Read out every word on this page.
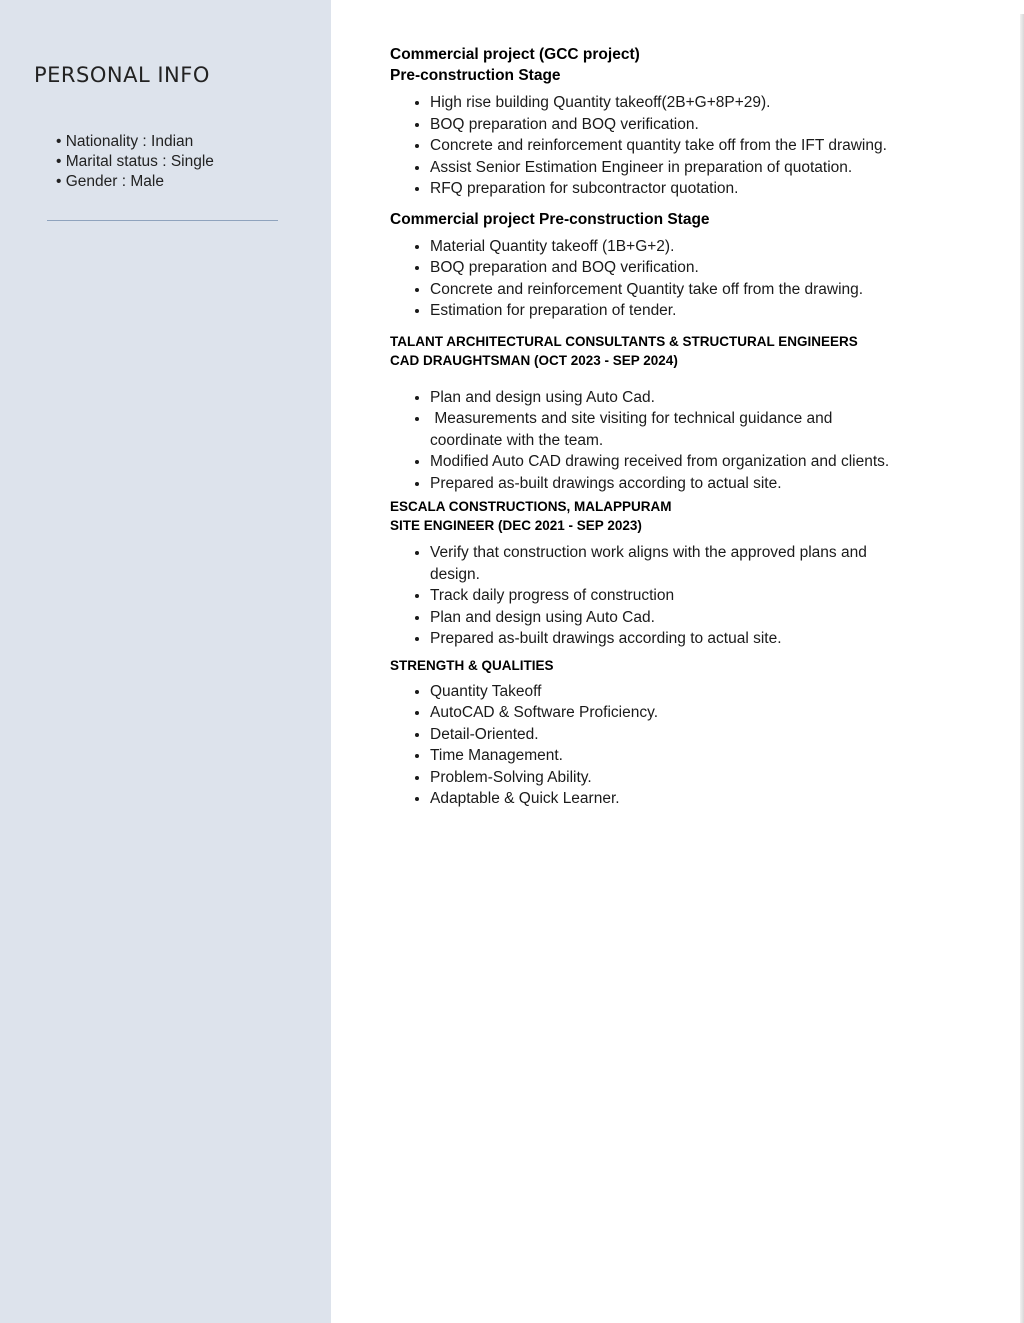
PERSONAL INFO
• Nationality : Indian
• Marital status : Single
• Gender : Male

Commercial project (GCC project)

Pre-construction Stage

• High rise building Quantity takeoff(2B+G+8P+29).
• BOQ preparation and BOQ verification.
• Concrete and reinforcement quantity take off from the IFT drawing.
• Assist Senior Estimation Engineer in preparation of quotation.
• RFQ preparation for subcontractor quotation.

Commercial project Pre-construction Stage

• Material Quantity takeoff (1B+G+2).
• BOQ preparation and BOQ verification.
• Concrete and reinforcement Quantity take off from the drawing.
• Estimation for preparation of tender.

TALANT ARCHITECTURAL CONSULTANTS & STRUCTURAL ENGINEERS

CAD DRAUGHTSMAN (OCT 2023 - SEP 2024)

• Plan and design using Auto Cad.
•  Measurements and site visiting for technical guidance and coordinate with the team.
• Modified Auto CAD drawing received from organization and clients.
• Prepared as-built drawings according to actual site.

ESCALA CONSTRUCTIONS, MALAPPURAM

SITE ENGINEER (DEC 2021 - SEP 2023)

• Verify that construction work aligns with the approved plans and design.
• Track daily progress of construction
• Plan and design using Auto Cad.
• Prepared as-built drawings according to actual site.

STRENGTH & QUALITIES

• Quantity Takeoff
• AutoCAD & Software Proficiency.
• Detail-Oriented.
• Time Management.
• Problem-Solving Ability.
• Adaptable & Quick Learner.
